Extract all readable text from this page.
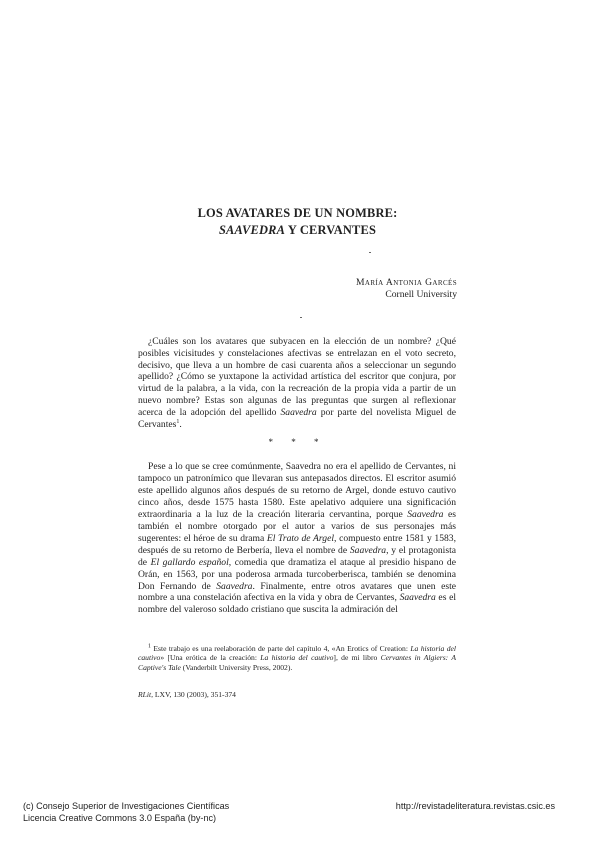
LOS AVATARES DE UN NOMBRE:
SAAVEDRA Y CERVANTES
María Antonia Garcés
Cornell University

¿Cuáles son los avatares que subyacen en la elección de un nombre? ¿Qué posibles vicisitudes y constelaciones afectivas se entrelazan en el voto secreto, decisivo, que lleva a un hombre de casi cuarenta años a seleccionar un segundo apellido? ¿Cómo se yuxtapone la actividad artística del escritor que conjura, por virtud de la palabra, a la vida, con la recreación de la propia vida a partir de un nuevo nombre? Estas son algunas de las preguntas que surgen al reflexionar acerca de la adopción del apellido Saavedra por parte del novelista Miguel de Cervantes$^1$.

* * *

Pese a lo que se cree comúnmente, Saavedra no era el apellido de Cervantes, ni tampoco un patronímico que llevaran sus antepasados directos. El escritor asumió este apellido algunos años después de su retorno de Argel, donde estuvo cautivo cinco años, desde 1575 hasta 1580. Este apelativo adquiere una significación extraordinaria a la luz de la creación literaria cervantina, porque Saavedra es también el nombre otorgado por el autor a varios de sus personajes más sugerentes: el héroe de su drama El Trato de Argel, compuesto entre 1581 y 1583, después de su retorno de Berbería, lleva el nombre de Saavedra, y el protagonista de El gallardo español, comedia que dramatiza el ataque al presidio hispano de Orán, en 1563, por una poderosa armada turcoberberisca, también se denomina Don Fernando de Saavedra. Finalmente, entre otros avatares que unen este nombre a una constelación afectiva en la vida y obra de Cervantes, Saavedra es el nombre del valeroso soldado cristiano que suscita la admiración del

$^1$ Este trabajo es una reelaboración de parte del capítulo 4, «An Erotics of Creation: La historia del cautivo» [Una erótica de la creación: La historia del cautivo], de mi libro Cervantes in Algiers: A Captive's Tale (Vanderbilt University Press, 2002).

RLit, LXV, 130 (2003), 351-374
(c) Consejo Superior de Investigaciones Científicas	http://revistadeliteratura.revistas.csic.es
Licencia Creative Commons 3.0 España (by-nc)
